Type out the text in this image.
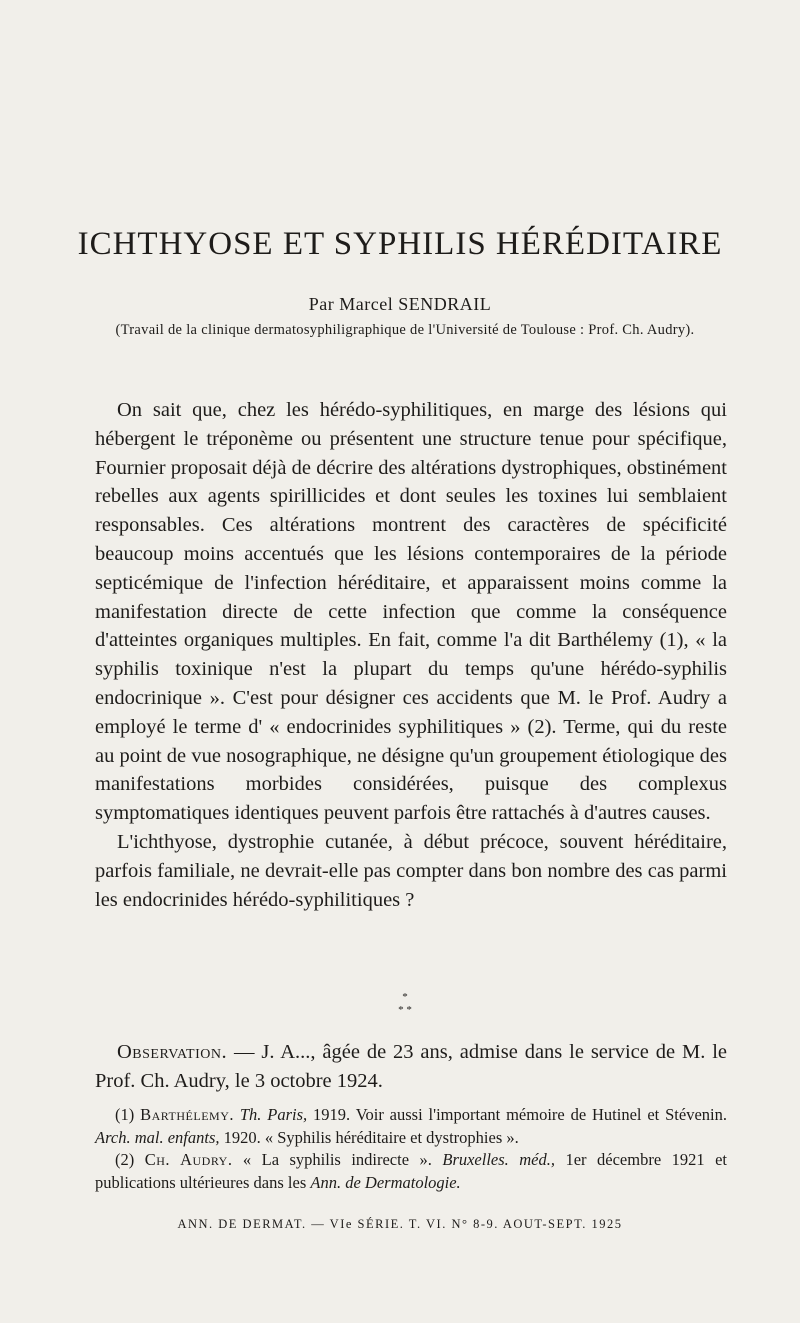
ICHTHYOSE ET SYPHILIS HÉRÉDITAIRE
Par Marcel SENDRAIL
(Travail de la clinique dermatosyphiligraphique de l'Université de Toulouse : Prof. Ch. Audry).

On sait que, chez les hérédo-syphilitiques, en marge des lésions qui hébergent le tréponème ou présentent une structure tenue pour spécifique, Fournier proposait déjà de décrire des altérations dystrophiques, obstinément rebelles aux agents spirillicides et dont seules les toxines lui semblaient responsables. Ces altérations montrent des caractères de spécificité beaucoup moins accentués que les lésions contemporaires de la période septicémique de l'infection héréditaire, et apparaissent moins comme la manifestation directe de cette infection que comme la conséquence d'atteintes organiques multiples. En fait, comme l'a dit Barthélemy (1), « la syphilis toxinique n'est la plupart du temps qu'une hérédo-syphilis endocrinique ». C'est pour désigner ces accidents que M. le Prof. Audry a employé le terme d' « endocrinides syphilitiques » (2). Terme, qui du reste au point de vue nosographique, ne désigne qu'un groupement étiologique des manifestations morbides considérées, puisque des complexus symptomatiques identiques peuvent parfois être rattachés à d'autres causes.

L'ichthyose, dystrophie cutanée, à début précoce, souvent héréditaire, parfois familiale, ne devrait-elle pas compter dans bon nombre des cas parmi les endocrinides hérédo-syphilitiques ?

*
* *

Observation. — J. A..., âgée de 23 ans, admise dans le service de M. le Prof. Ch. Audry, le 3 octobre 1924.

(1) Barthélemy. Th. Paris, 1919. Voir aussi l'important mémoire de Hutinel et Stévenin. Arch. mal. enfants, 1920. « Syphilis héréditaire et dystrophies ».

(2) Ch. Audry. « La syphilis indirecte ». Bruxelles. méd., 1er décembre 1921 et publications ultérieures dans les Ann. de Dermatologie.

ANN. DE DERMAT. — VIe SÉRIE. T. VI. N° 8-9. AOUT-SEPT. 1925
